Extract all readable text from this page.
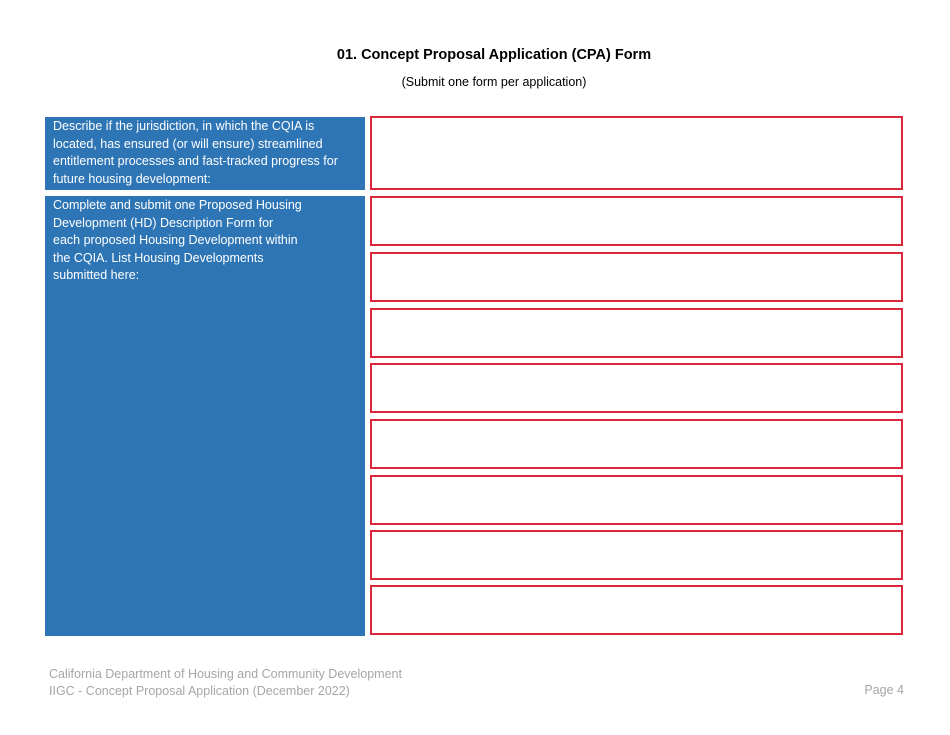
01. Concept Proposal Application (CPA) Form
(Submit one form per application)
Describe if the jurisdiction, in which the CQIA is located, has ensured (or will ensure) streamlined entitlement processes and fast-tracked progress for future housing development:
Complete and submit one Proposed Housing Development (HD) Description Form for each proposed Housing Development within the CQIA. List Housing Developments submitted here:
California Department of Housing and Community Development
IIGC - Concept Proposal Application (December 2022)	Page 4
